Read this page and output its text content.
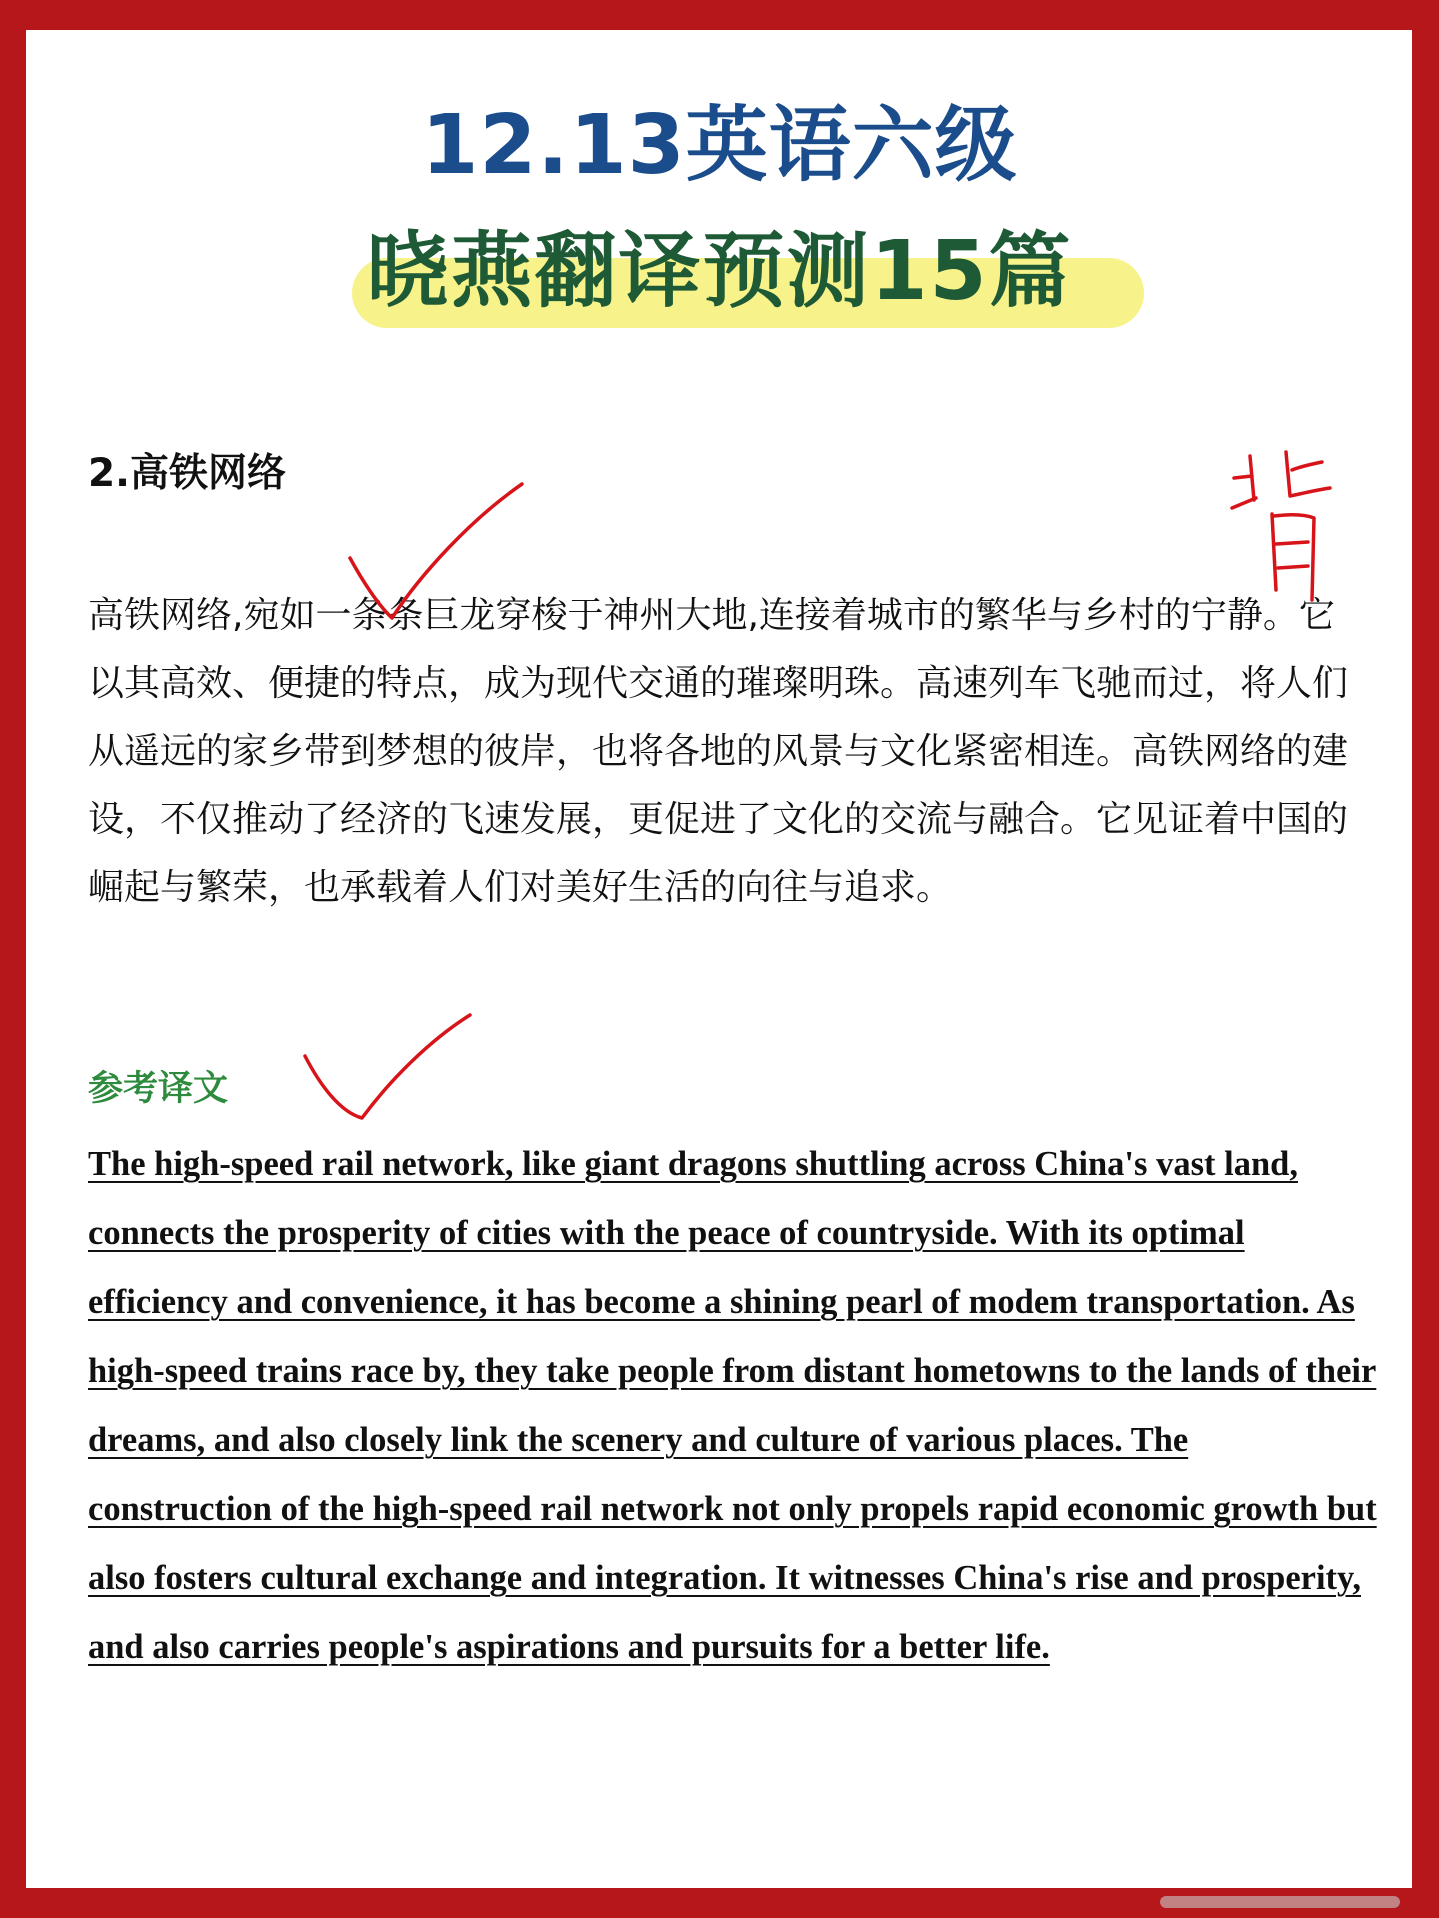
12.13英语六级
晓燕翻译预测15篇
2.高铁网络

高铁网络,宛如一条条巨龙穿梭于神州大地,连接着城市的繁华与乡村的宁静。它以其高效、便捷的特点，成为现代交通的璀璨明珠。高速列车飞驰而过，将人们从遥远的家乡带到梦想的彼岸，也将各地的风景与文化紧密相连。高铁网络的建设，不仅推动了经济的飞速发展，更促进了文化的交流与融合。它见证着中国的崛起与繁荣，也承载着人们对美好生活的向往与追求。

参考译文

The high-speed rail network, like giant dragons shuttling across China's vast land, connects the prosperity of cities with the peace of countryside. With its optimal efficiency and convenience, it has become a shining pearl of modem transportation. As high-speed trains race by, they take people from distant hometowns to the lands of their dreams, and also closely link the scenery and culture of various places. The construction of the high-speed rail network not only propels rapid economic growth but also fosters cultural exchange and integration. It witnesses China's rise and prosperity, and also carries people's aspirations and pursuits for a better life.
